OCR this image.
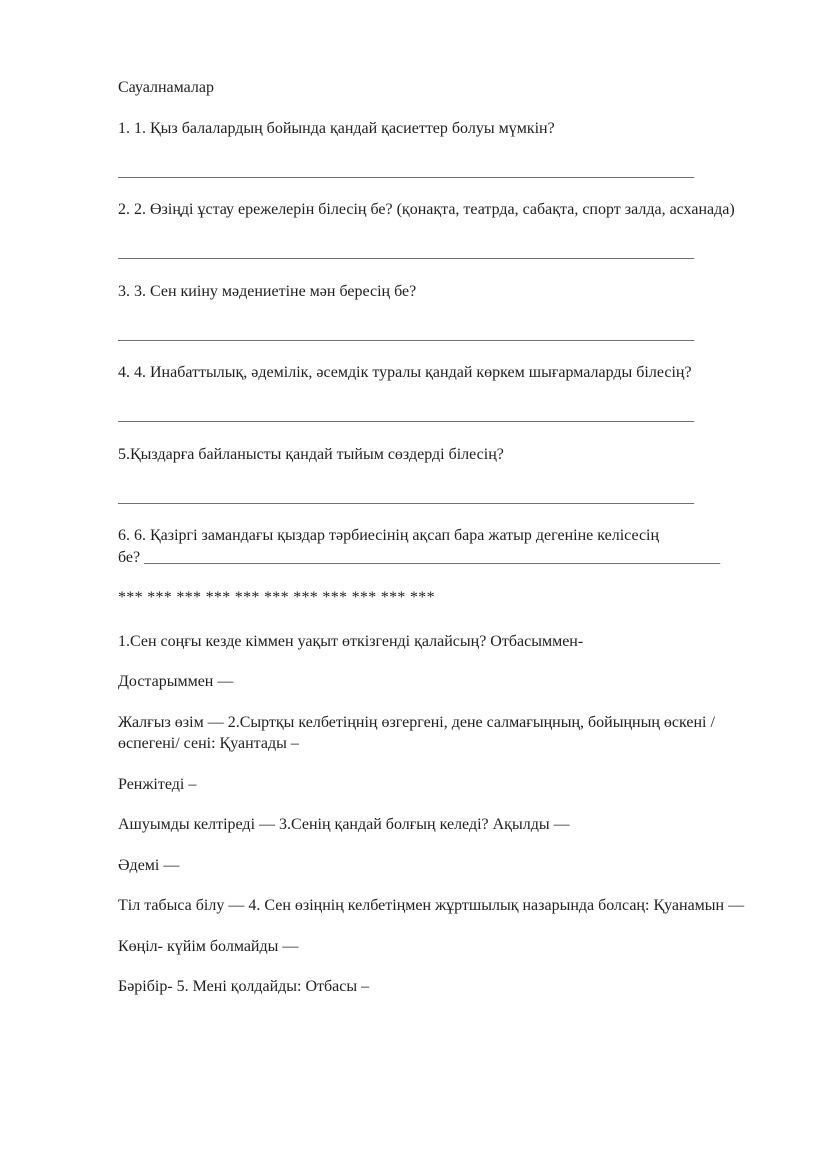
Сауалнамалар

1. 1. Қыз балалардың бойында қандай қасиеттер болуы мүмкін?

________________________________________________________________________

2. 2. Өзіңді ұстау ережелерін білесің бе? (қонақта, театрда, сабақта, спорт залда, асханада)

________________________________________________________________________

3. 3. Сен киіну мәдениетіне мән бересің бе?

________________________________________________________________________

4. 4. Инабаттылық, әдемілік, әсемдік туралы қандай көркем шығармаларды білесің?

________________________________________________________________________

5.Қыздарға байланысты қандай тыйым сөздерді білесің?

________________________________________________________________________

6. 6. Қазіргі замандағы қыздар тәрбиесінің ақсап бара жатыр дегеніне келісесің
бе? ________________________________________________________________________

*** *** *** *** *** *** *** *** *** *** ***

1.Сен соңғы кезде кіммен уақыт өткізгенді қалайсың? Отбасыммен-

Достарыммен —

Жалғыз өзім — 2.Сыртқы келбетіңнің өзгергені, дене салмағыңның, бойыңның өскені /өспегені/ сені: Қуантады –

Ренжітеді –

Ашуымды келтіреді — 3.Сенің қандай болғың келеді? Ақылды —

Әдемі —

Тіл табыса білу — 4. Сен өзіңнің келбетіңмен жұртшылық назарында болсаң: Қуанамын —

Көңіл- күйім болмайды —

Бәрібір- 5. Мені қолдайды: Отбасы –
